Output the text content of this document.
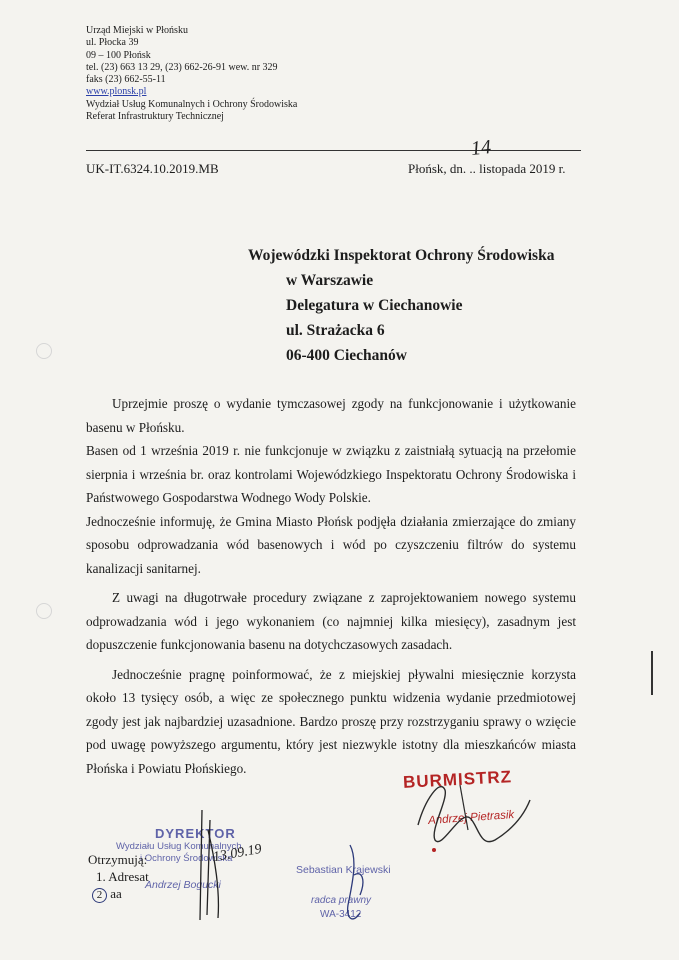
Urząd Miejski w Płońsku
ul. Płocka 39
09 – 100 Płońsk
tel. (23) 663 13 29, (23) 662-26-91 wew. nr 329
faks (23) 662-55-11
www.plonsk.pl
Wydział Usług Komunalnych i Ochrony Środowiska
Referat Infrastruktury Technicznej
UK-IT.6324.10.2019.MB	Płońsk, dn. .. listopada 2019 r.
14
Wojewódzki Inspektorat Ochrony Środowiska
w Warszawie
Delegatura w Ciechanowie
ul. Strażacka 6
06-400 Ciechanów

Uprzejmie proszę o wydanie tymczasowej zgody na funkcjonowanie i użytkowanie basenu w Płońsku.

Basen od 1 września 2019 r. nie funkcjonuje w związku z zaistniałą sytuacją na przełomie sierpnia i września br. oraz kontrolami Wojewódzkiego Inspektoratu Ochrony Środowiska i Państwowego Gospodarstwa Wodnego Wody Polskie.

Jednocześnie informuję, że Gmina Miasto Płońsk podjęła działania zmierzające do zmiany sposobu odprowadzania wód basenowych i wód po czyszczeniu filtrów do systemu kanalizacji sanitarnej.

Z uwagi na długotrwałe procedury związane z zaprojektowaniem nowego systemu odprowadzania wód i jego wykonaniem (co najmniej kilka miesięcy), zasadnym jest dopuszczenie funkcjonowania basenu na dotychczasowych zasadach.

Jednocześnie pragnę poinformować, że z miejskiej pływalni miesięcznie korzysta około 13 tysięcy osób, a więc ze społecznego punktu widzenia wydanie przedmiotowej zgody jest jak najbardziej uzasadnione. Bardzo proszę przy rozstrzyganiu sprawy o wzięcie pod uwagę powyższego argumentu, który jest niezwykle istotny dla mieszkańców miasta Płońska i Powiatu Płońskiego.	BURMISTRZ
Andrzej Pietrasik
DYREKTOR
Wydziału Usług Komunalnych
i Ochrony Środowiska
Andrzej Bogucki
13.09.19
Sebastian Krajewski
radca prawny
WA-3412
Otrzymują:
1. Adresat
2 aa
